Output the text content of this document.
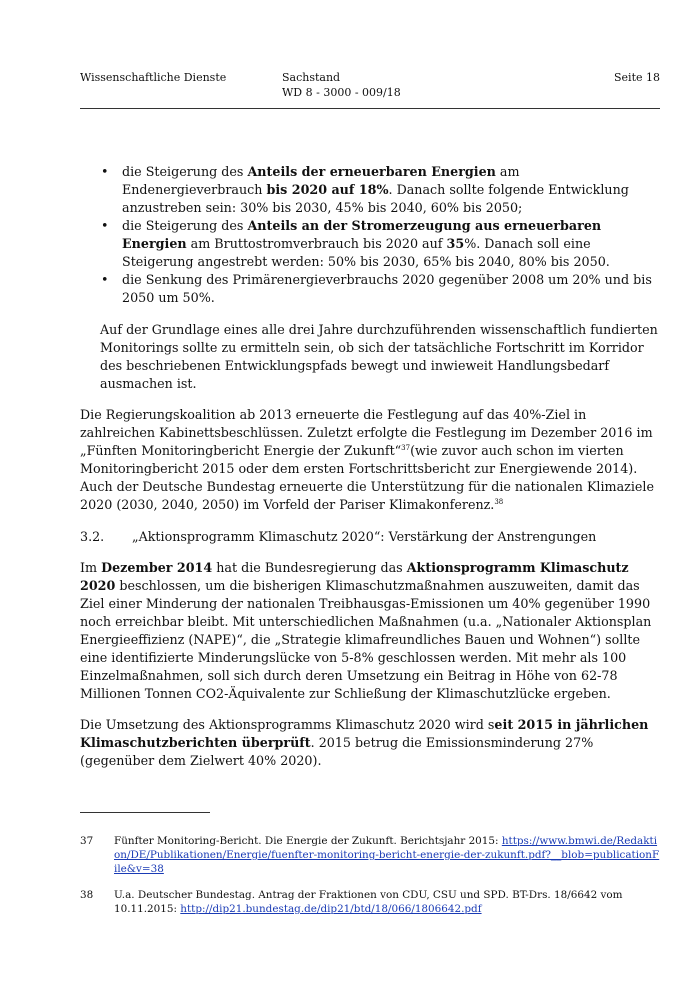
Wissenschaftliche Dienste	Sachstand
WD 8 - 3000 - 009/18
Seite 18
• die Steigerung des Anteils der erneuerbaren Energien am Endenergieverbrauch bis 2020 auf 18%. Danach sollte folgende Entwicklung anzustreben sein: 30% bis 2030, 45% bis 2040, 60% bis 2050;
• die Steigerung des Anteils an der Stromerzeugung aus erneuerbaren Energien am Bruttostromverbrauch bis 2020 auf 35%. Danach soll eine Steigerung angestrebt werden: 50% bis 2030, 65% bis 2040, 80% bis 2050.
• die Senkung des Primärenergieverbrauchs 2020 gegenüber 2008 um 20% und bis 2050 um 50%.

Auf der Grundlage eines alle drei Jahre durchzuführenden wissenschaftlich fundierten Monitorings sollte zu ermitteln sein, ob sich der tatsächliche Fortschritt im Korridor des beschriebenen Entwicklungspfads bewegt und inwieweit Handlungsbedarf ausmachen ist.

Die Regierungskoalition ab 2013 erneuerte die Festlegung auf das 40%-Ziel in zahlreichen Kabinettsbeschlüssen. Zuletzt erfolgte die Festlegung im Dezember 2016 im „Fünften Monitoringbericht Energie der Zukunft“$^{37}$(wie zuvor auch schon im vierten Monitoringbericht 2015 oder dem ersten Fortschrittsbericht zur Energiewende 2014). Auch der Deutsche Bundestag erneuerte die Unterstützung für die nationalen Klimaziele 2020 (2030, 2040, 2050) im Vorfeld der Pariser Klimakonferenz.$^{38}$

3.2. „Aktionsprogramm Klimaschutz 2020“: Verstärkung der Anstrengungen

Im Dezember 2014 hat die Bundesregierung das Aktionsprogramm Klimaschutz 2020 beschlossen, um die bisherigen Klimaschutzmaßnahmen auszuweiten, damit das Ziel einer Minderung der nationalen Treibhausgas-Emissionen um 40% gegenüber 1990 noch erreichbar bleibt. Mit unterschiedlichen Maßnahmen (u.a. „Nationaler Aktionsplan Energieeffizienz (NAPE)“, die „Strategie klimafreundliches Bauen und Wohnen“) sollte eine identifizierte Minderungslücke von 5-8% geschlossen werden. Mit mehr als 100 Einzelmaßnahmen, soll sich durch deren Umsetzung ein Beitrag in Höhe von 62-78 Millionen Tonnen CO2-Äquivalente zur Schließung der Klimaschutzlücke ergeben.

Die Umsetzung des Aktionsprogramms Klimaschutz 2020 wird seit 2015 in jährlichen Klimaschutzberichten überprüft. 2015 betrug die Emissionsminderung 27% (gegenüber dem Zielwert 40% 2020).

37 Fünfter Monitoring-Bericht. Die Energie der Zukunft. Berichtsjahr 2015: https://www.bmwi.de/Redaktion/DE/Publikationen/Energie/fuenfter-monitoring-bericht-energie-der-zukunft.pdf?__blob=publicationFile&v=38
38 U.a. Deutscher Bundestag. Antrag der Fraktionen von CDU, CSU und SPD. BT-Drs. 18/6642 vom 10.11.2015: http://dip21.bundestag.de/dip21/btd/18/066/1806642.pdf
